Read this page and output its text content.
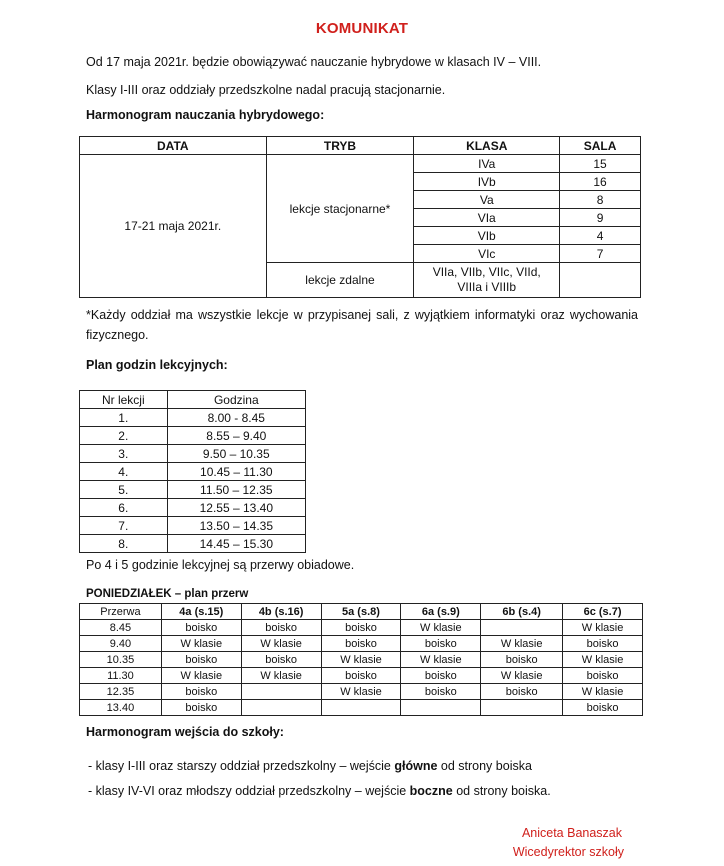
KOMUNIKAT
Od 17 maja 2021r. będzie obowiązywać nauczanie hybrydowe w klasach IV – VIII.
Klasy I-III oraz oddziały przedszkolne nadal pracują stacjonarnie.
Harmonogram nauczania hybrydowego:
DATA	TRYB	KLASA	SALA
17-21 maja 2021r.	lekcje stacjonarne*	IVa	15
		IVb	16
		Va	8
		VIa	9
		VIb	4
		VIc	7
	lekcje zdalne	VIIa, VIIb, VIIc, VIId,
VIIIa i VIIIb	
*Każdy oddział ma wszystkie lekcje w przypisanej sali, z wyjątkiem informatyki oraz wychowania fizycznego.
Plan godzin lekcyjnych:
Nr lekcji	Godzina
1.	8.00 - 8.45
2.	8.55 – 9.40
3.	9.50 – 10.35
4.	10.45 – 11.30
5.	11.50 – 12.35
6.	12.55 – 13.40
7.	13.50 – 14.35
8.	14.45 – 15.30
Po 4 i 5 godzinie lekcyjnej są przerwy obiadowe.
PONIEDZIAŁEK – plan przerw
Przerwa	4a (s.15)	4b (s.16)	5a (s.8)	6a (s.9)	6b (s.4)	6c (s.7)
8.45	boisko	boisko	boisko	W klasie		W klasie
9.40	W klasie	W klasie	boisko	boisko	W klasie	boisko
10.35	boisko	boisko	W klasie	W klasie	boisko	W klasie
11.30	W klasie	W klasie	boisko	boisko	W klasie	boisko
12.35	boisko		W klasie	boisko	boisko	W klasie
13.40	boisko					boisko
Harmonogram wejścia do szkoły:
- klasy I-III oraz starszy oddział przedszkolny – wejście główne od strony boiska
- klasy IV-VI oraz młodszy oddział przedszkolny – wejście boczne od strony boiska.
Aniceta Banaszak
Wicedyrektor szkoły
